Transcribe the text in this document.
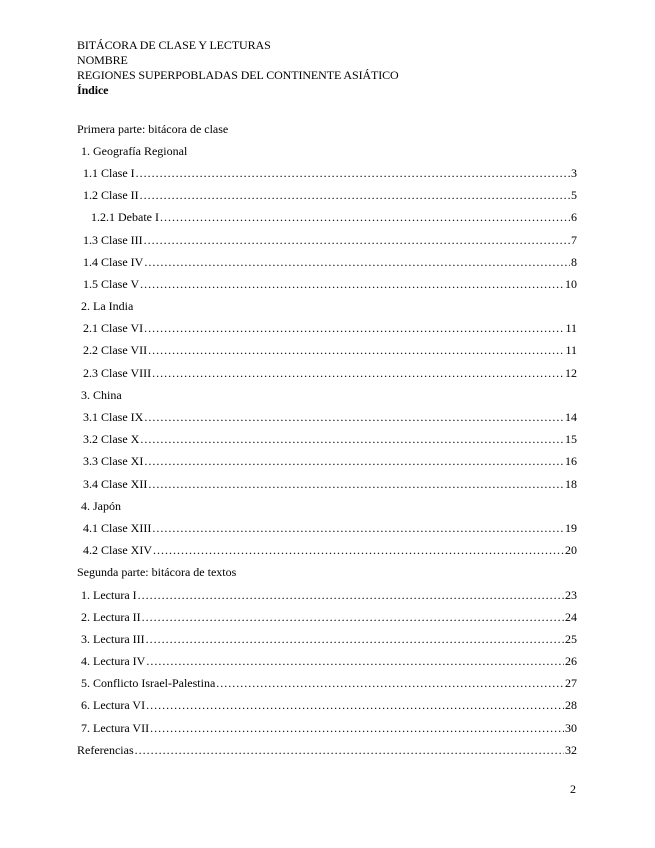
BITÁCORA DE CLASE Y LECTURAS
NOMBRE
REGIONES SUPERPOBLADAS DEL CONTINENTE ASIÁTICO
Índice
Primera parte: bitácora de clase
1. Geografía Regional
1.1 Clase I .....	3
1.2 Clase II .....	5
1.2.1 Debate I .....	6
1.3 Clase III .....	7
1.4 Clase IV .....	8
1.5 Clase V .....	10
2. La India
2.1 Clase VI .....	11
2.2 Clase VII .....	11
2.3 Clase VIII .....	12
3. China
3.1 Clase IX .....	14
3.2 Clase X .....	15
3.3 Clase XI .....	16
3.4 Clase XII .....	18
4. Japón
4.1 Clase XIII .....	19
4.2 Clase XIV .....	20
Segunda parte: bitácora de textos
1. Lectura I .....	23
2. Lectura II .....	24
3. Lectura III .....	25
4. Lectura IV .....	26
5. Conflicto Israel-Palestina .....	27
6. Lectura VI .....	28
7. Lectura VII .....	30
Referencias .....	32
2
